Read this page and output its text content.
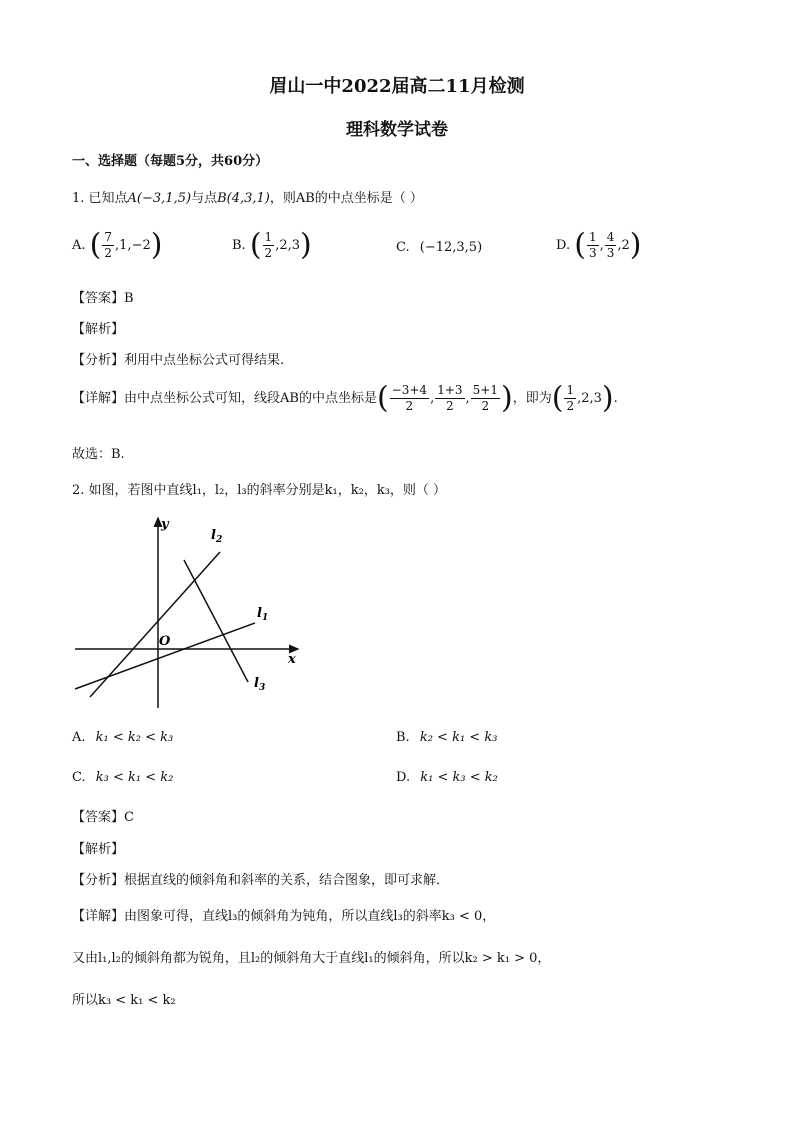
眉山一中2022届高二11月检测
理科数学试卷
一、选择题（每题5分，共60分）
1. 已知点A(−3,1,5)与点B(4,3,1)，则AB的中点坐标是（ ）
A. ( $\frac{7}{2} ,1,-2$)	B. ( $\frac{1}{2} ,2,3$)	C. (−12,3,5)	D. ( $\frac{1}{3}$ , $\frac{4}{3} ,2$)
【答案】B
【解析】
【分析】利用中点坐标公式可得结果.
【详解】由中点坐标公式可知，线段AB的中点坐标是( $\frac{-3+4}{2}$ , $\frac{1+3}{2}$ , $\frac{5+1}{2}$ )，即为( $\frac{1}{2} ,2,3$).
故选：B.
2. 如图，若图中直线l₁，l₂，l₃的斜率分别是k₁，k₂，k₃，则（ ）
y
x
O
$l_1$
$l_2$
$l_3$
A. k₁ < k₂ < k₃	B. k₂ < k₁ < k₃
C. k₃ < k₁ < k₂	D. k₁ < k₃ < k₂
【答案】C
【解析】
【分析】根据直线的倾斜角和斜率的关系，结合图象，即可求解．
【详解】由图象可得，直线l₃的倾斜角为钝角，所以直线l₃的斜率k₃ < 0，
又由l₁,l₂的倾斜角都为锐角，且l₂的倾斜角大于直线l₁的倾斜角，所以k₂ > k₁ > 0，
所以k₃ < k₁ < k₂
